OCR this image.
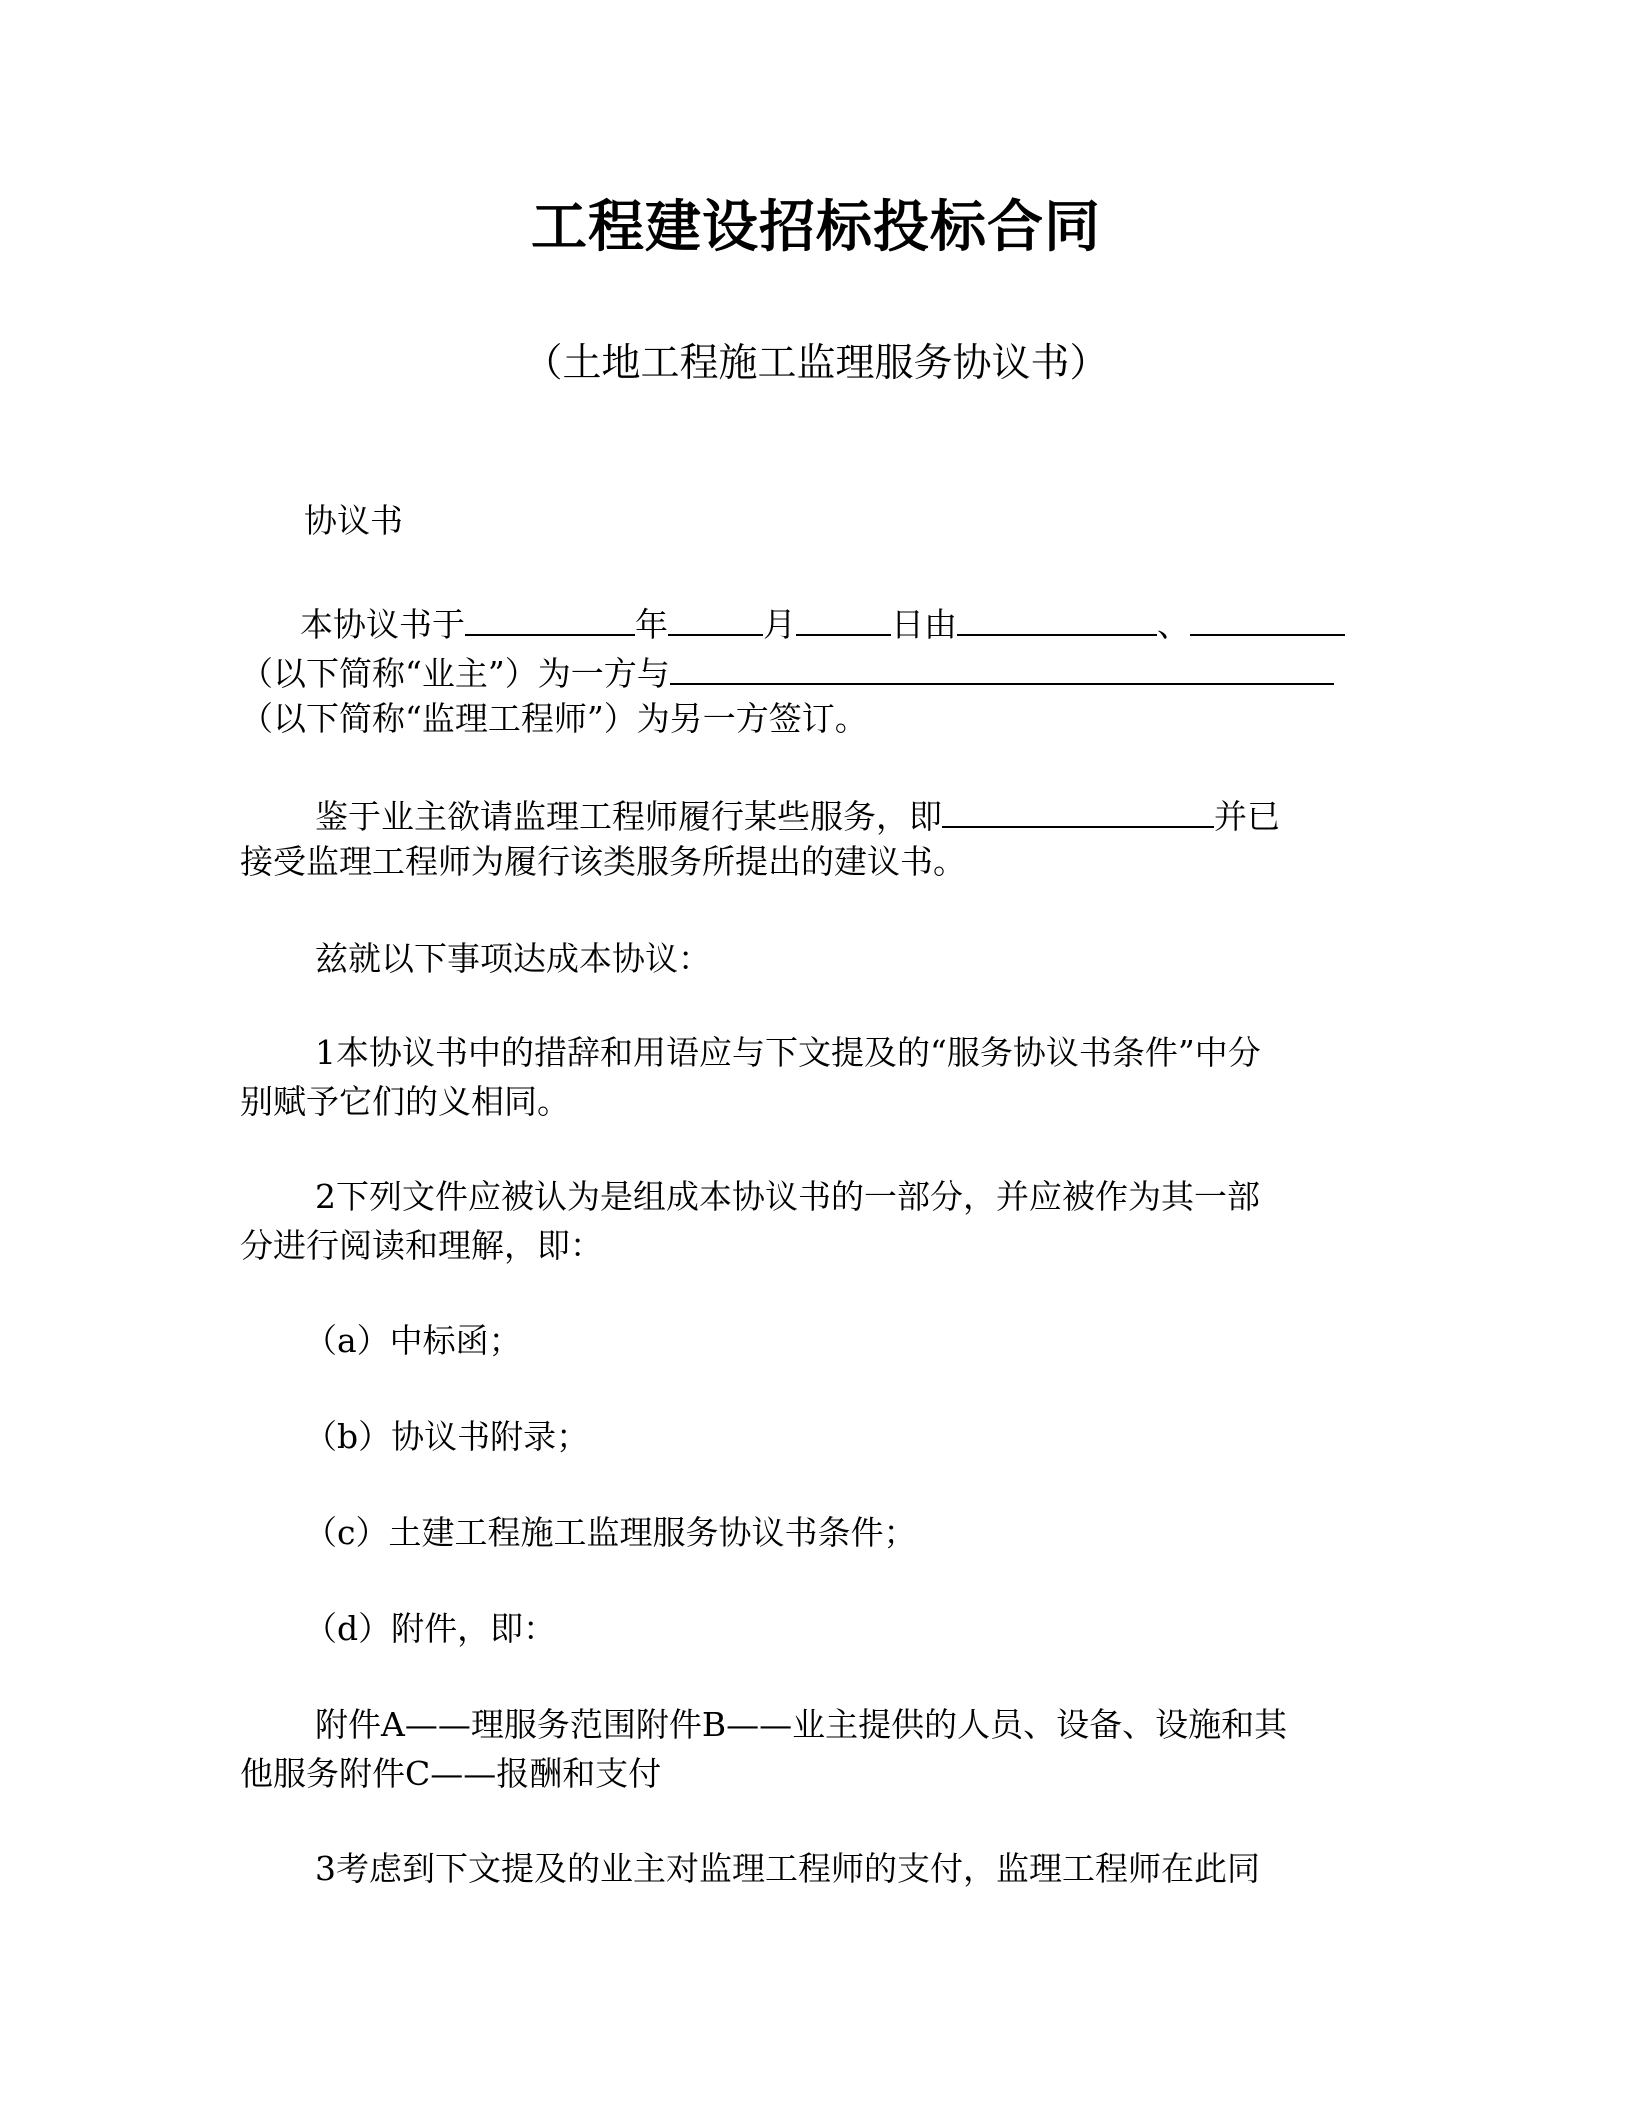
工程建设招标投标合同
（土地工程施工监理服务协议书）
协议书
本协议书于	年	月	日由	、
（以下简称“业主”）为一方与
（以下简称“监理工程师”）为另一方签订。
鉴于业主欲请监理工程师履行某些服务，即	并已
接受监理工程师为履行该类服务所提出的建议书。
兹就以下事项达成本协议：
1本协议书中的措辞和用语应与下文提及的“服务协议书条件”中分
别赋予它们的义相同。
2下列文件应被认为是组成本协议书的一部分，并应被作为其一部
分进行阅读和理解，即：
（a）中标函；
（b）协议书附录；
（c）土建工程施工监理服务协议书条件；
（d）附件，即：
附件A——理服务范围附件B——业主提供的人员、设备、设施和其
他服务附件C——报酬和支付
3考虑到下文提及的业主对监理工程师的支付，监理工程师在此同
